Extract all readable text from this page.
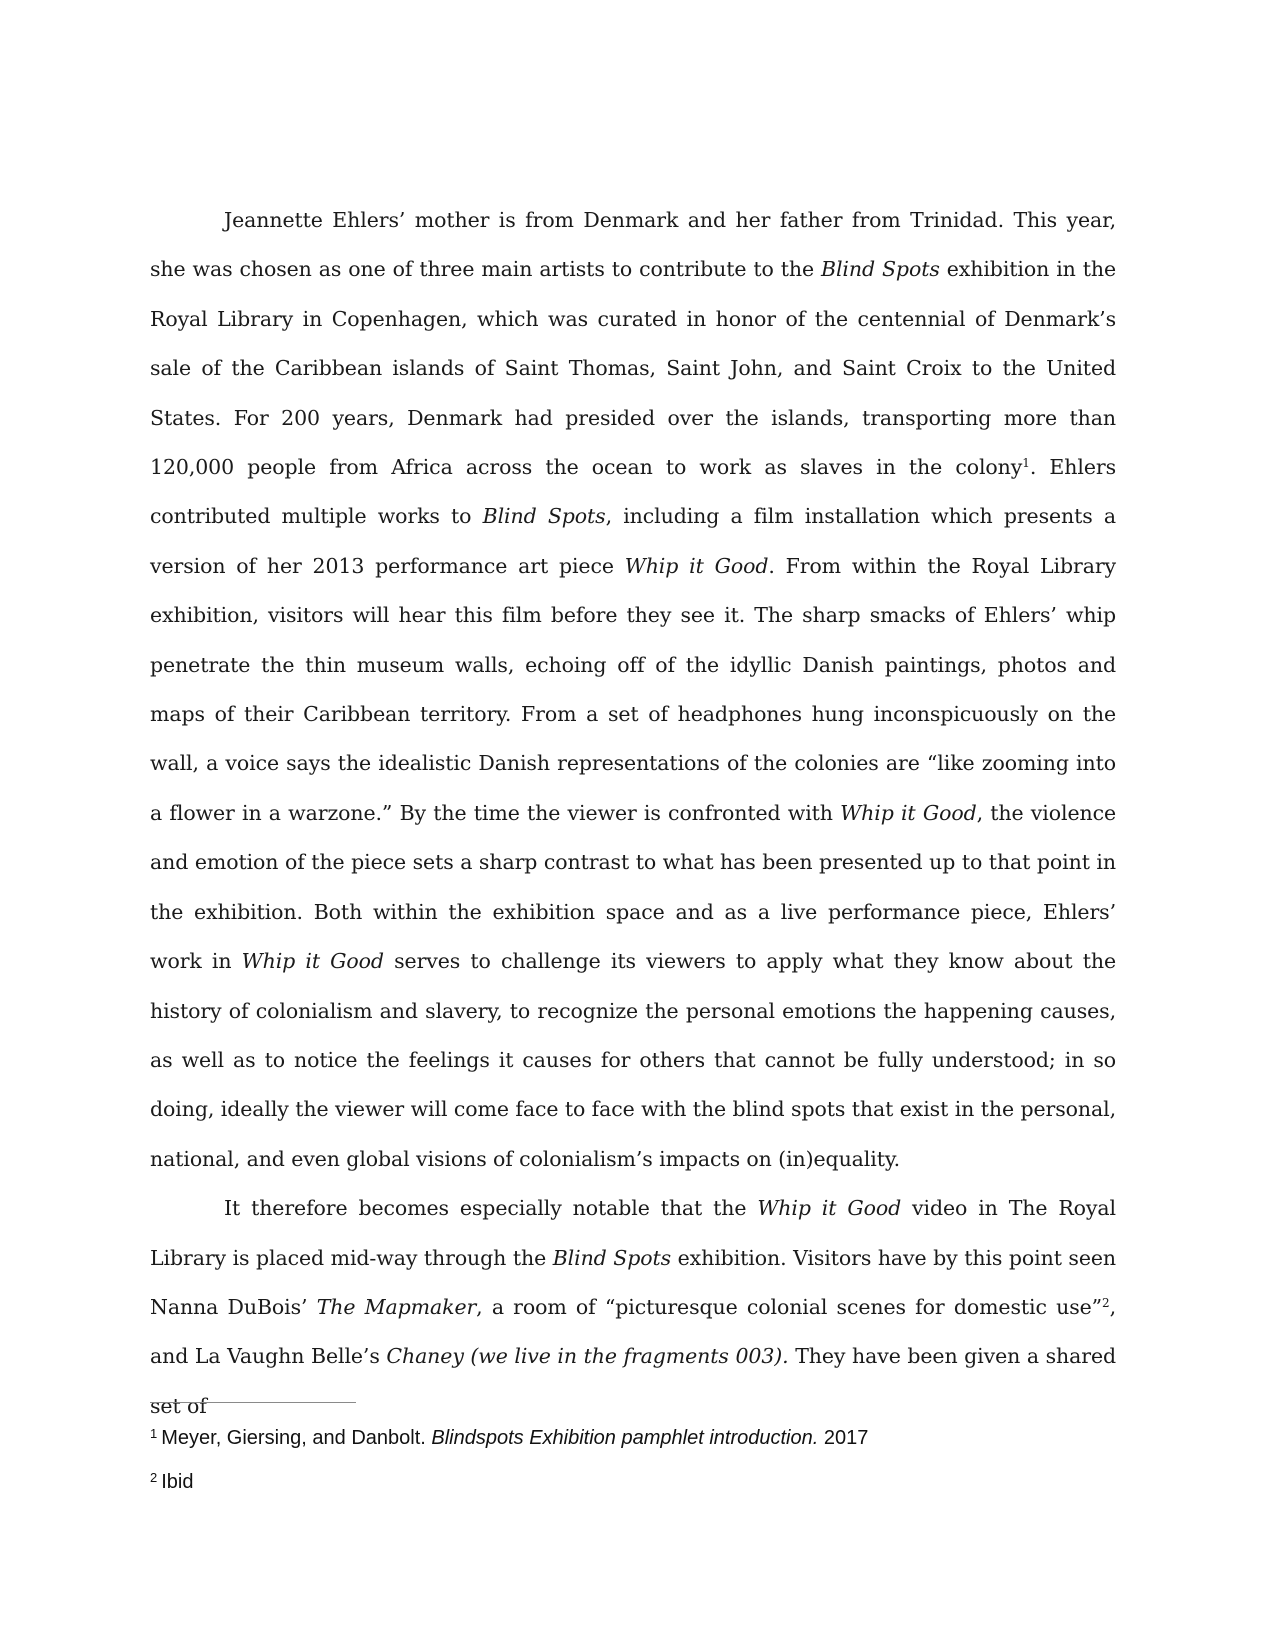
Jeannette Ehlers’ mother is from Denmark and her father from Trinidad. This year, she was chosen as one of three main artists to contribute to the Blind Spots exhibition in the Royal Library in Copenhagen, which was curated in honor of the centennial of Denmark’s sale of the Caribbean islands of Saint Thomas, Saint John, and Saint Croix to the United States. For 200 years, Denmark had presided over the islands, transporting more than 120,000 people from Africa across the ocean to work as slaves in the colony$^1$. Ehlers contributed multiple works to Blind Spots, including a film installation which presents a version of her 2013 performance art piece Whip it Good. From within the Royal Library exhibition, visitors will hear this film before they see it. The sharp smacks of Ehlers’ whip penetrate the thin museum walls, echoing off of the idyllic Danish paintings, photos and maps of their Caribbean territory. From a set of headphones hung inconspicuously on the wall, a voice says the idealistic Danish representations of the colonies are “like zooming into a flower in a warzone.” By the time the viewer is confronted with Whip it Good, the violence and emotion of the piece sets a sharp contrast to what has been presented up to that point in the exhibition. Both within the exhibition space and as a live performance piece, Ehlers’ work in Whip it Good serves to challenge its viewers to apply what they know about the history of colonialism and slavery, to recognize the personal emotions the happening causes, as well as to notice the feelings it causes for others that cannot be fully understood; in so doing, ideally the viewer will come face to face with the blind spots that exist in the personal, national, and even global visions of colonialism’s impacts on (in)equality.

It therefore becomes especially notable that the Whip it Good video in The Royal Library is placed mid-way through the Blind Spots exhibition. Visitors have by this point seen Nanna DuBois’ The Mapmaker, a room of “picturesque colonial scenes for domestic use”$^2$, and La Vaughn Belle’s Chaney (we live in the fragments 003). They have been given a shared set of

$^1$ Meyer, Giersing, and Danbolt. Blindspots Exhibition pamphlet introduction. 2017
$^2$ Ibid
